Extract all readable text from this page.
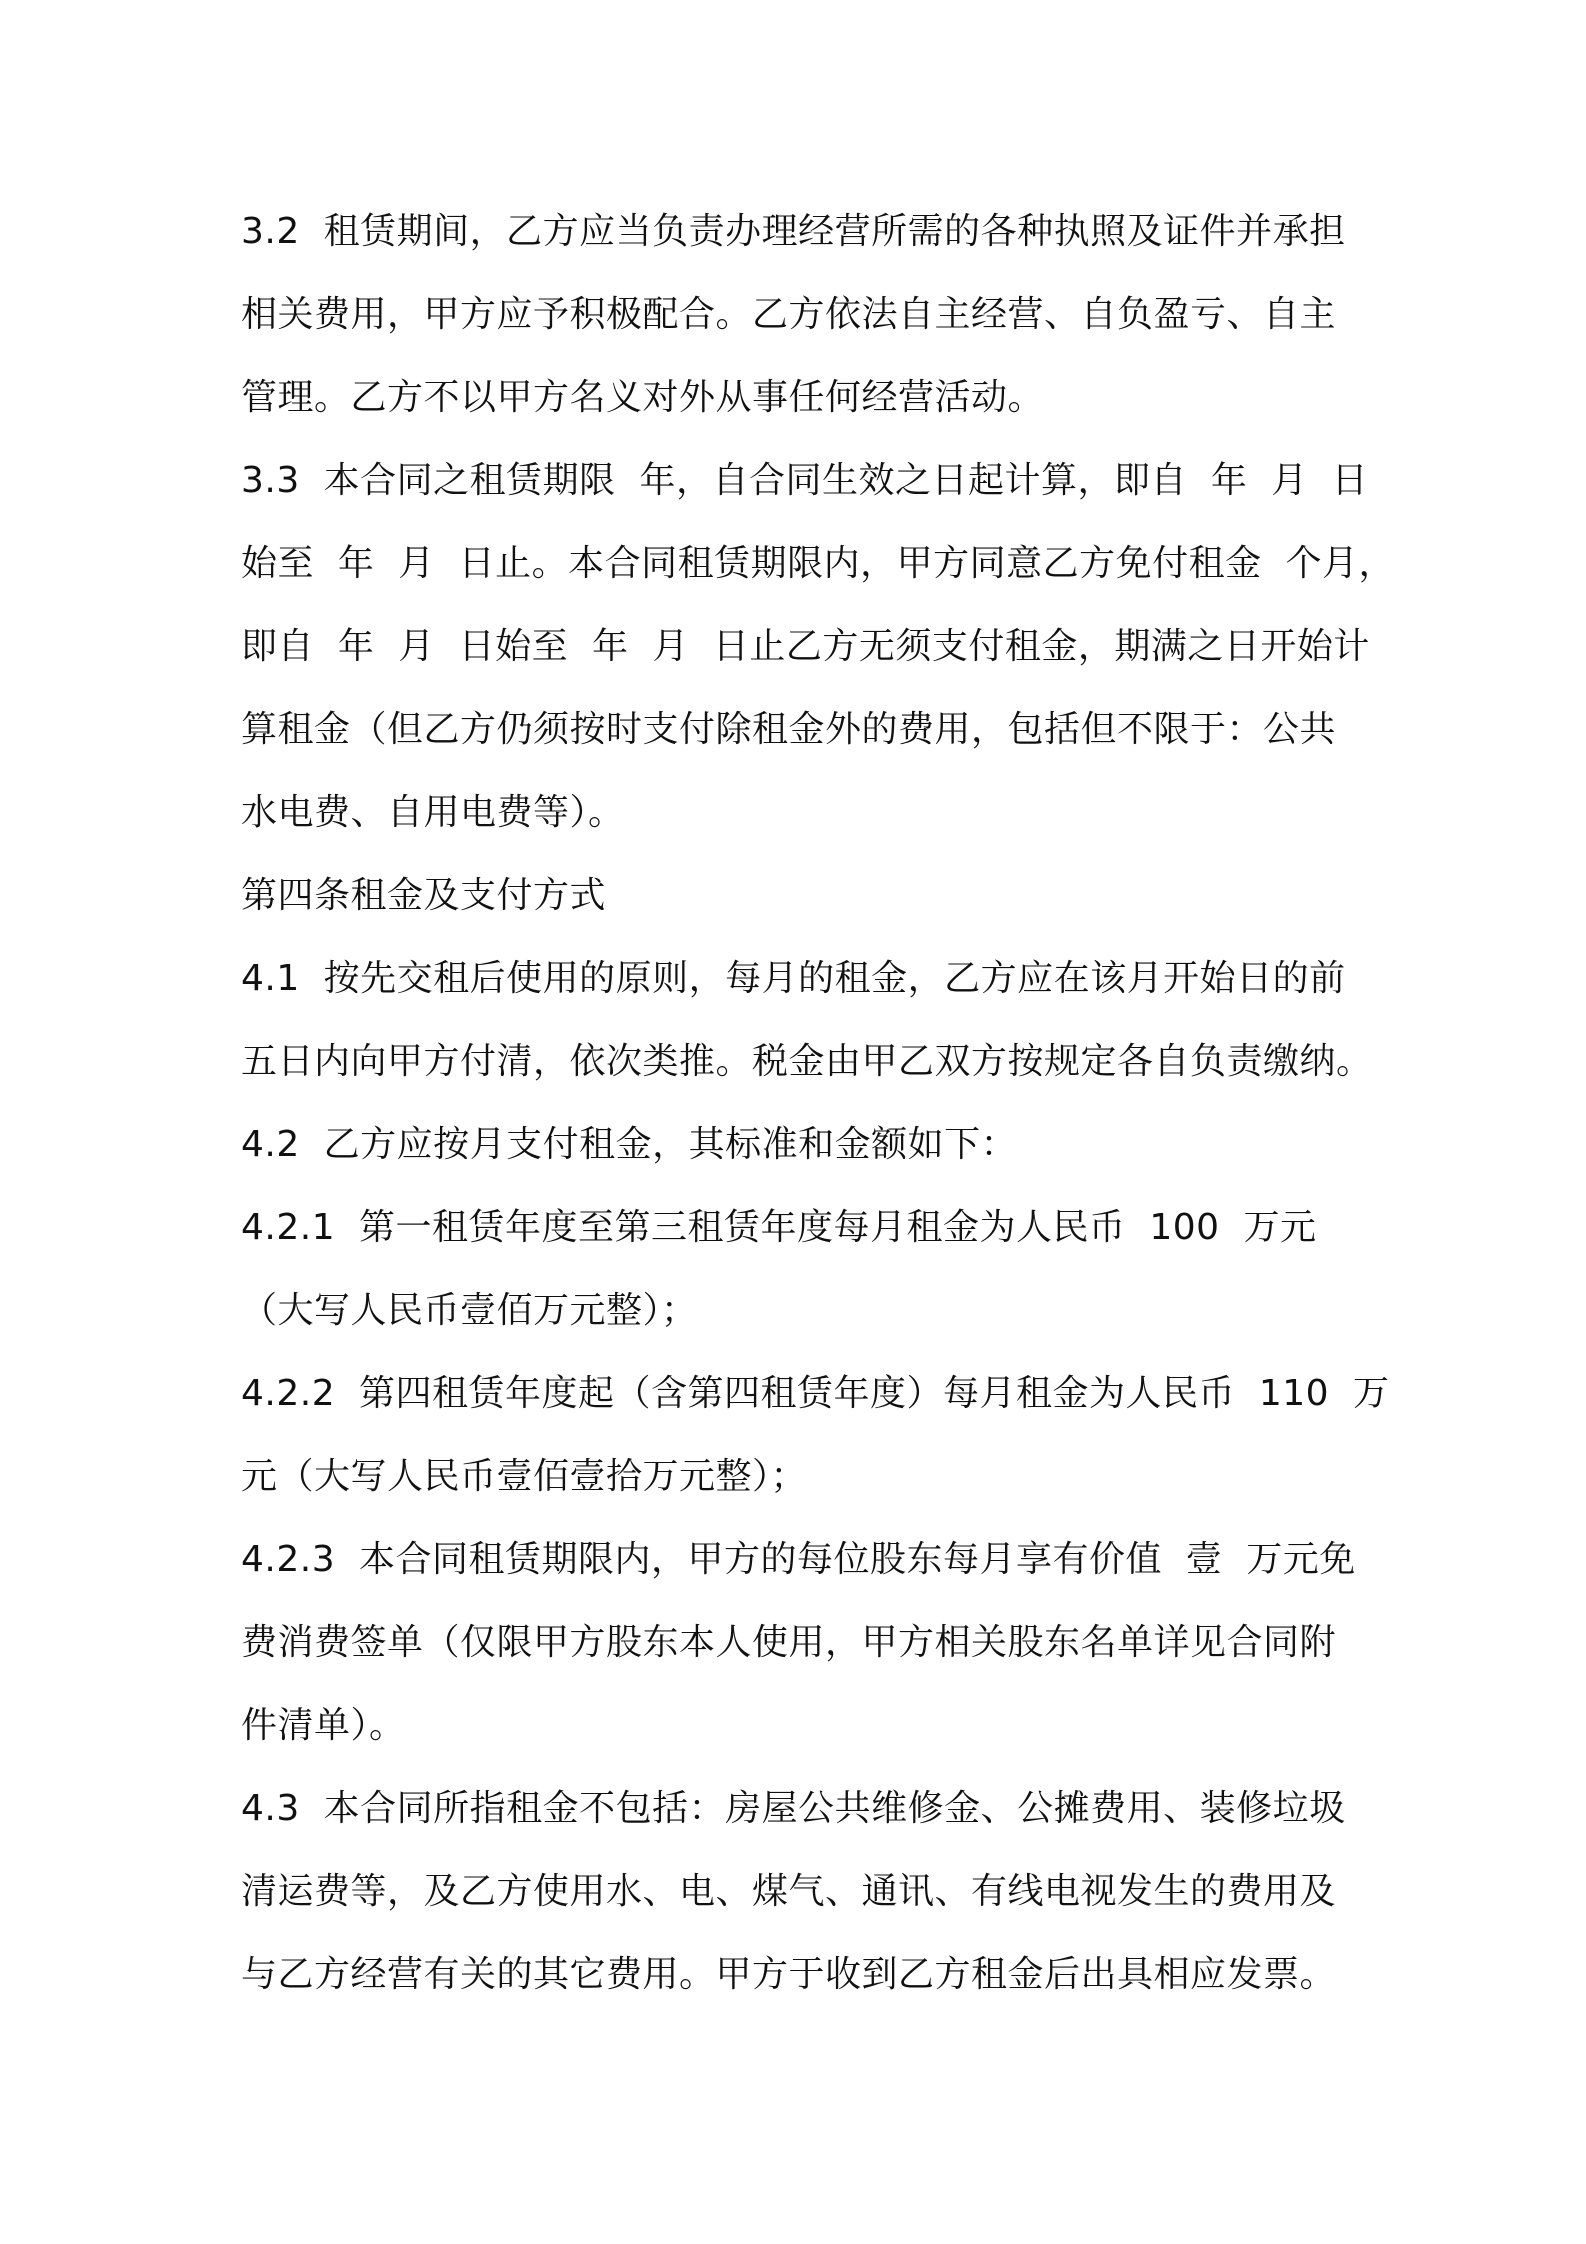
3.2  租赁期间，乙方应当负责办理经营所需的各种执照及证件并承担
相关费用，甲方应予积极配合。乙方依法自主经营、自负盈亏、自主
管理。乙方不以甲方名义对外从事任何经营活动。
3.3  本合同之租赁期限  年，自合同生效之日起计算，即自  年  月  日
始至  年  月  日止。本合同租赁期限内，甲方同意乙方免付租金  个月，
即自  年  月  日始至  年  月  日止乙方无须支付租金，期满之日开始计
算租金（但乙方仍须按时支付除租金外的费用，包括但不限于：公共
水电费、自用电费等）。
第四条租金及支付方式
4.1  按先交租后使用的原则，每月的租金，乙方应在该月开始日的前
五日内向甲方付清，依次类推。税金由甲乙双方按规定各自负责缴纳。
4.2  乙方应按月支付租金，其标准和金额如下：
4.2.1  第一租赁年度至第三租赁年度每月租金为人民币  100  万元
（大写人民币壹佰万元整）；
4.2.2  第四租赁年度起（含第四租赁年度）每月租金为人民币  110  万
元（大写人民币壹佰壹拾万元整）；
4.2.3  本合同租赁期限内，甲方的每位股东每月享有价值  壹  万元免
费消费签单（仅限甲方股东本人使用，甲方相关股东名单详见合同附
件清单）。
4.3  本合同所指租金不包括：房屋公共维修金、公摊费用、装修垃圾
清运费等，及乙方使用水、电、煤气、通讯、有线电视发生的费用及
与乙方经营有关的其它费用。甲方于收到乙方租金后出具相应发票。
